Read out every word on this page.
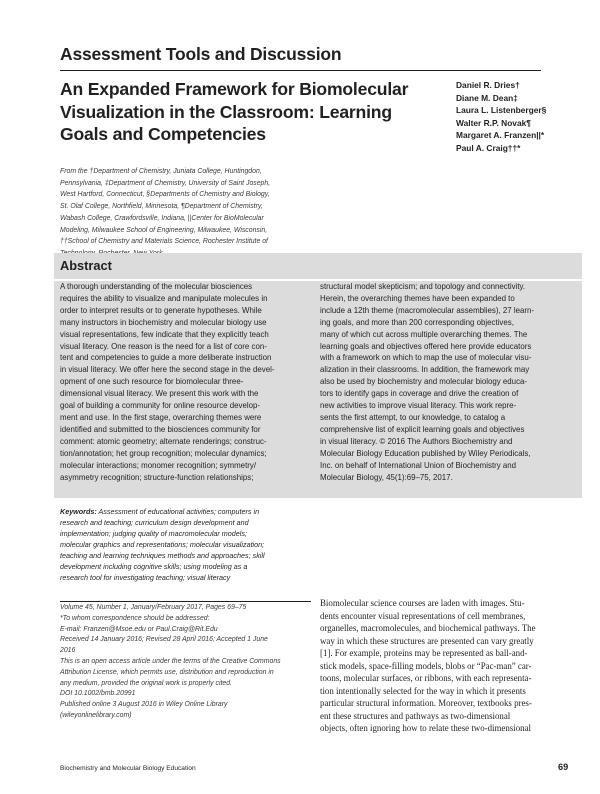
Assessment Tools and Discussion
An Expanded Framework for Biomolecular
Visualization in the Classroom: Learning
Goals and Competencies
Daniel R. Dries†
Diane M. Dean‡
Laura L. Listenberger§
Walter R.P. Novak¶
Margaret A. Franzen||*
Paul A. Craig††*
From the †Department of Chemistry, Juniata College, Huntingdon,
Pennsylvania, ‡Department of Chemistry, University of Saint Joseph,
West Hartford, Connecticut, §Departments of Chemistry and Biology,
St. Olaf College, Northfield, Minnesota, ¶Department of Chemistry,
Wabash College, Crawfordsville, Indiana, ||Center for BioMolecular
Modeling, Milwaukee School of Engineering, Milwaukee, Wisconsin,
††School of Chemistry and Materials Science, Rochester Institute of
Abstract
A thorough understanding of the molecular biosciences
requires the ability to visualize and manipulate molecules in
order to interpret results or to generate hypotheses. While
many instructors in biochemistry and molecular biology use
visual representations, few indicate that they explicitly teach
visual literacy. One reason is the need for a list of core con-
tent and competencies to guide a more deliberate instruction
in visual literacy. We offer here the second stage in the devel-
opment of one such resource for biomolecular three-
dimensional visual literacy. We present this work with the
goal of building a community for online resource develop-
ment and use. In the first stage, overarching themes were
identified and submitted to the biosciences community for
comment: atomic geometry; alternate renderings; construc-
tion/annotation; het group recognition; molecular dynamics;
molecular interactions; monomer recognition; symmetry/
asymmetry recognition; structure-function relationships;
structural model skepticism; and topology and connectivity.
Herein, the overarching themes have been expanded to
include a 12th theme (macromolecular assemblies), 27 learn-
ing goals, and more than 200 corresponding objectives,
many of which cut across multiple overarching themes. The
learning goals and objectives offered here provide educators
with a framework on which to map the use of molecular visu-
alization in their classrooms. In addition, the framework may
also be used by biochemistry and molecular biology educa-
tors to identify gaps in coverage and drive the creation of
new activities to improve visual literacy. This work repre-
sents the first attempt, to our knowledge, to catalog a
comprehensive list of explicit learning goals and objectives
in visual literacy. © 2016 The Authors Biochemistry and
Molecular Biology Education published by Wiley Periodicals,
Inc. on behalf of International Union of Biochemistry and
Molecular Biology, 45(1):69–75, 2017.
Keywords: Assessment of educational activities; computers in
research and teaching; curriculum design development and
implementation; judging quality of macromolecular models;
molecular graphics and representations; molecular visualization;
teaching and learning techniques methods and approaches; skill
development including cognitive skills; using modeling as a
research tool for investigating teaching; visual literacy
Volume 45, Number 1, January/February 2017, Pages 69–75
*To whom correspondence should be addressed:
E-mail: Franzen@Msoe.edu or Paul.Craig@Rit.Edu
Received 14 January 2016; Revised 28 April 2016; Accepted 1 June
2016
This is an open access article under the terms of the Creative Commons
Attribution License, which permits use, distribution and reproduction in
any medium, provided the original work is properly cited.
DOI 10.1002/bmb.20991
Published online 3 August 2016 in Wiley Online Library
(wileyonlinelibrary.com)
Biomolecular science courses are laden with images. Stu-
dents encounter visual representations of cell membranes,
organelles, macromolecules, and biochemical pathways. The
way in which these structures are presented can vary greatly
[1]. For example, proteins may be represented as ball-and-
stick models, space-filling models, blobs or “Pac-man” car-
toons, molecular surfaces, or ribbons, with each representa-
tion intentionally selected for the way in which it presents
particular structural information. Moreover, textbooks pres-
ent these structures and pathways as two-dimensional
objects, often ignoring how to relate these two-dimensional
Biochemistry and Molecular Biology Education	69
